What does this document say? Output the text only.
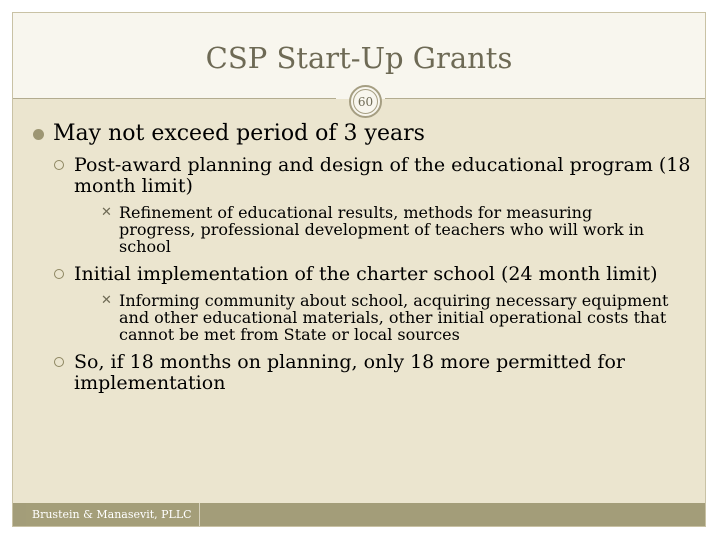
CSP Start-Up Grants
60
May not exceed period of 3 years
Post-award planning and design of the educational program (18 month limit)
✕ Refinement of educational results, methods for measuring progress, professional development of teachers who will work in school
Initial implementation of the charter school (24 month limit)
✕ Informing community about school, acquiring necessary equipment and other educational materials, other initial operational costs that cannot be met from State or local sources
So, if 18 months on planning, only 18 more permitted for implementation
Brustein & Manasevit, PLLC
